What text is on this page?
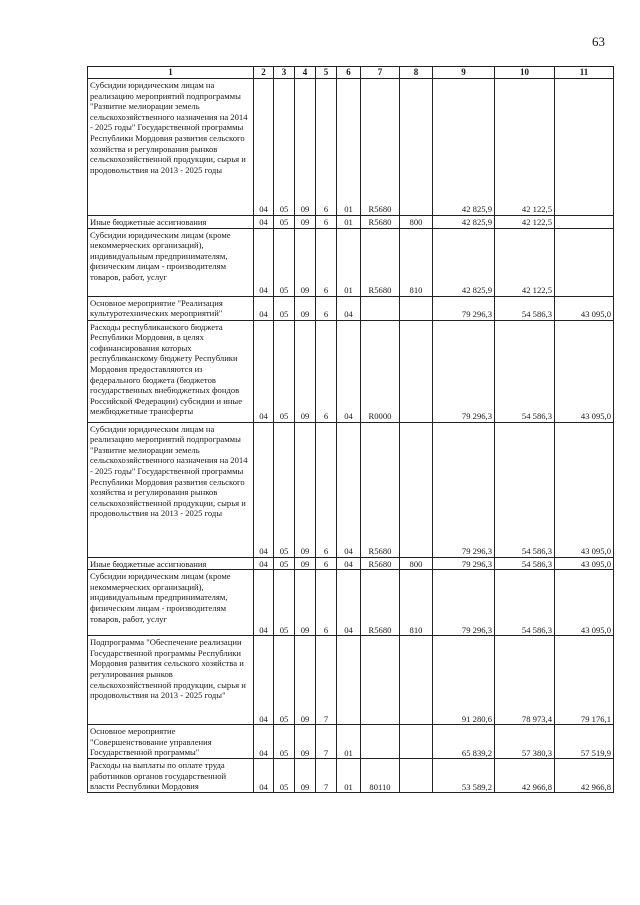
63
1	2	3	4	5	6	7	8	9	10	11
Субсидии юридическим лицам на реализацию мероприятий подпрограммы "Развитие мелиорации земель сельскохозяйственного назначения на 2014 - 2025 годы" Государственной программы Республики Мордовия развития сельского хозяйства и регулирования рынков сельскохозяйственной продукции, сырья и продовольствия на 2013 - 2025 годы	04	05	09	6	01	R5680		42 825,9	42 122,5	
Иные бюджетные ассигнования	04	05	09	6	01	R5680	800	42 825,9	42 122,5	
Субсидии юридическим лицам (кроме некоммерческих организаций), индивидуальным предпринимателям, физическим лицам - производителям товаров, работ, услуг	04	05	09	6	01	R5680	810	42 825,9	42 122,5	
Основное мероприятие "Реализация культуротехнических мероприятий"	04	05	09	6	04			79 296,3	54 586,3	43 095,0
Расходы республиканского бюджета Республики Мордовия, в целях софинансирования которых республиканскому бюджету Республики Мордовия предоставляются из федерального бюджета (бюджетов государственных внебюджетных фондов Российской Федерации) субсидии и иные межбюджетные трансферты	04	05	09	6	04	R0000		79 296,3	54 586,3	43 095,0
Субсидии юридическим лицам на реализацию мероприятий подпрограммы "Развитие мелиорации земель сельскохозяйственного назначения на 2014 - 2025 годы" Государственной программы Республики Мордовия развития сельского хозяйства и регулирования рынков сельскохозяйственной продукции, сырья и продовольствия на 2013 - 2025 годы	04	05	09	6	04	R5680		79 296,3	54 586,3	43 095,0
Иные бюджетные ассигнования	04	05	09	6	04	R5680	800	79 296,3	54 586,3	43 095,0
Субсидии юридическим лицам (кроме некоммерческих организаций), индивидуальным предпринимателям, физическим лицам - производителям товаров, работ, услуг	04	05	09	6	04	R5680	810	79 296,3	54 586,3	43 095,0
Подпрограмма "Обеспечение реализации Государственной программы Республики Мордовия развития сельского хозяйства и регулирования рынков сельскохозяйственной продукции, сырья и продовольствия на 2013 - 2025 годы"	04	05	09	7				91 280,6	78 973,4	79 176,1
Основное мероприятие "Совершенствование управления Государственной программы"	04	05	09	7	01			65 839,2	57 380,3	57 519,9
Расходы на выплаты по оплате труда работников органов государственной власти Республики Мордовия	04	05	09	7	01	80110		53 589,2	42 966,8	42 966,8
